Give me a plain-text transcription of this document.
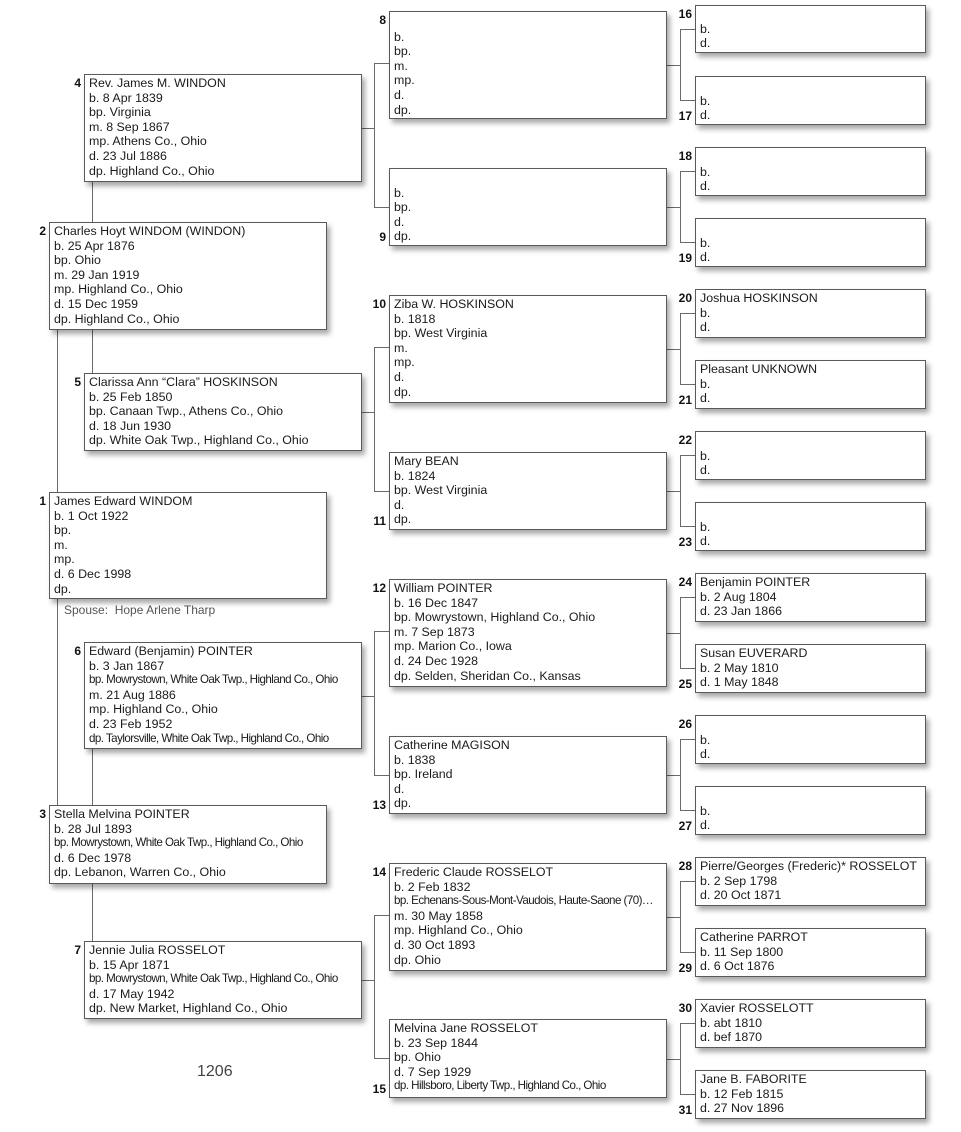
Spouse: Hope Arlene Tharp
1206
James Edward WINDOM
b. 1 Oct 1922
bp.
m.
mp.
d. 6 Dec 1998
dp.
1
Charles Hoyt WINDOM (WINDON)
b. 25 Apr 1876
bp. Ohio
m. 29 Jan 1919
mp. Highland Co., Ohio
d. 15 Dec 1959
dp. Highland Co., Ohio
2
Stella Melvina POINTER
b. 28 Jul 1893
bp. Mowrystown, White Oak Twp., Highland Co., Ohio
d. 6 Dec 1978
dp. Lebanon, Warren Co., Ohio
3
Rev. James M. WINDON
b. 8 Apr 1839
bp. Virginia
m. 8 Sep 1867
mp. Athens Co., Ohio
d. 23 Jul 1886
dp. Highland Co., Ohio
4
Clarissa Ann “Clara” HOSKINSON
b. 25 Feb 1850
bp. Canaan Twp., Athens Co., Ohio
d. 18 Jun 1930
dp. White Oak Twp., Highland Co., Ohio
5
Edward (Benjamin) POINTER
b. 3 Jan 1867
bp. Mowrystown, White Oak Twp., Highland Co., Ohio
m. 21 Aug 1886
mp. Highland Co., Ohio
d. 23 Feb 1952
dp. Taylorsville, White Oak Twp., Highland Co., Ohio
6
Jennie Julia ROSSELOT
b. 15 Apr 1871
bp. Mowrystown, White Oak Twp., Highland Co., Ohio
d. 17 May 1942
dp. New Market, Highland Co., Ohio
7

b.
bp.
m.
mp.
d.
dp.
8

b.
bp.
d.
dp.
9
Ziba W. HOSKINSON
b. 1818
bp. West Virginia
m.
mp.
d.
dp.
10
Mary BEAN
b. 1824
bp. West Virginia
d.
dp.
11
William POINTER
b. 16 Dec 1847
bp. Mowrystown, Highland Co., Ohio
m. 7 Sep 1873
mp. Marion Co., Iowa
d. 24 Dec 1928
dp. Selden, Sheridan Co., Kansas
12
Catherine MAGISON
b. 1838
bp. Ireland
d.
dp.
13
Frederic Claude ROSSELOT
b. 2 Feb 1832
bp. Echenans-Sous-Mont-Vaudois, Haute-Saone (70)…
m. 30 May 1858
mp. Highland Co., Ohio
d. 30 Oct 1893
dp. Ohio
14
Melvina Jane ROSSELOT
b. 23 Sep 1844
bp. Ohio
d. 7 Sep 1929
dp. Hillsboro, Liberty Twp., Highland Co., Ohio
15

b.
d.
16

b.
d.
17

b.
d.
18

b.
d.
19
Joshua HOSKINSON
b.
d.
20
Pleasant UNKNOWN
b.
d.
21

b.
d.
22

b.
d.
23
Benjamin POINTER
b. 2 Aug 1804
d. 23 Jan 1866
24
Susan EUVERARD
b. 2 May 1810
d. 1 May 1848
25

b.
d.
26

b.
d.
27
Pierre/Georges (Frederic)* ROSSELOT
b. 2 Sep 1798
d. 20 Oct 1871
28
Catherine PARROT
b. 11 Sep 1800
d. 6 Oct 1876
29
Xavier ROSSELOTT
b. abt 1810
d. bef 1870
30
Jane B. FABORITE
b. 12 Feb 1815
d. 27 Nov 1896
31
